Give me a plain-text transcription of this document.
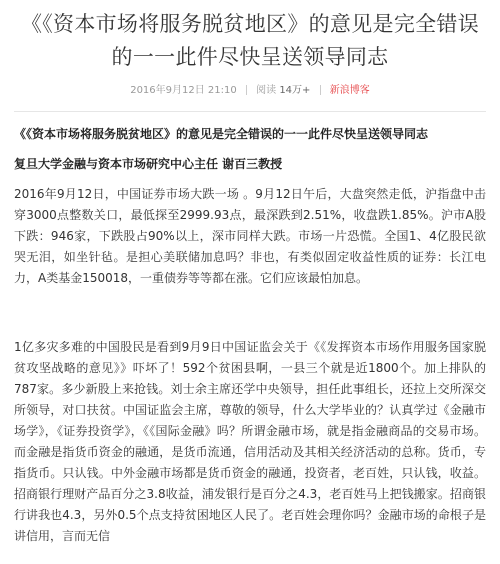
《《资本市场将服务脱贫地区》的意见是完全错误的一一此件尽快呈送领导同志
2016年9月12日 21:10 阅读 14万+ 新浪博客

《《资本市场将服务脱贫地区》的意见是完全错误的一一此件尽快呈送领导同志

复旦大学金融与资本市场研究中心主任 谢百三教授

2016年9月12日，中国证券市场大跌一场 。9月12日午后，大盘突然走低，沪指盘中击穿3000点整数关口，最低探至2999.93点，最深跌到2.51%，收盘跌1.85%。沪市A股下跌：946家，下跌股占90%以上，深市同样大跌。市场一片恐慌。全国1、4亿股民欲哭无泪，如坐针毡。是担心美联储加息吗？非也，有类似固定收益性质的证券：长江电力，A类基金150018，一重债券等等都在涨。它们应该最怕加息。

1亿多灾多难的中国股民是看到9月9日中国证监会关于《《发挥资本市场作用服务国家脱贫攻坚战略的意见》》吓坏了！592个贫困县啊，一县三个就是近1800个。加上排队的787家。多少新股上来抢钱。刘士余主席还学中央领导，担任此事组长，还拉上交所深交所领导，对口扶贫。中国证监会主席，尊敬的领导，什么大学毕业的？认真学过《金融市场学》，《证券投资学》，《《国际金融》吗？所谓金融市场，就是指金融商品的交易市场。而金融是指货币资金的融通，是货币流通，信用活动及其相关经济活动的总称。货币，专指货币。只认钱。中外金融市场都是货币资金的融通，投资者，老百姓，只认钱，收益。招商银行理财产品百分之3.8收益，浦发银行是百分之4.3，老百姓马上把钱搬家。招商银行讲我也4.3，另外0.5个点支持贫困地区人民了。老百姓会理你吗？金融市场的命根子是讲信用，言而无信
